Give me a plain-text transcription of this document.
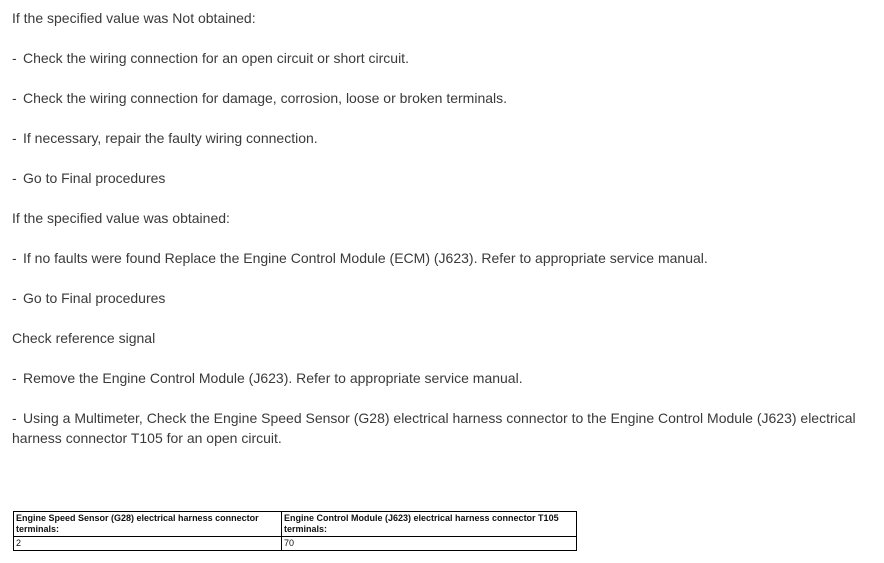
If the specified value was Not obtained:
- Check the wiring connection for an open circuit or short circuit.
- Check the wiring connection for damage, corrosion, loose or broken terminals.
- If necessary, repair the faulty wiring connection.
- Go to Final procedures
If the specified value was obtained:
- If no faults were found Replace the Engine Control Module (ECM) (J623). Refer to appropriate service manual.
- Go to Final procedures
Check reference signal
- Remove the Engine Control Module (J623). Refer to appropriate service manual.
- Using a Multimeter, Check the Engine Speed Sensor (G28) electrical harness connector to the Engine Control Module (J623) electrical harness connector T105 for an open circuit.
Engine Speed Sensor (G28) electrical harness connector terminals:	Engine Control Module (J623) electrical harness connector T105 terminals:
2	70
